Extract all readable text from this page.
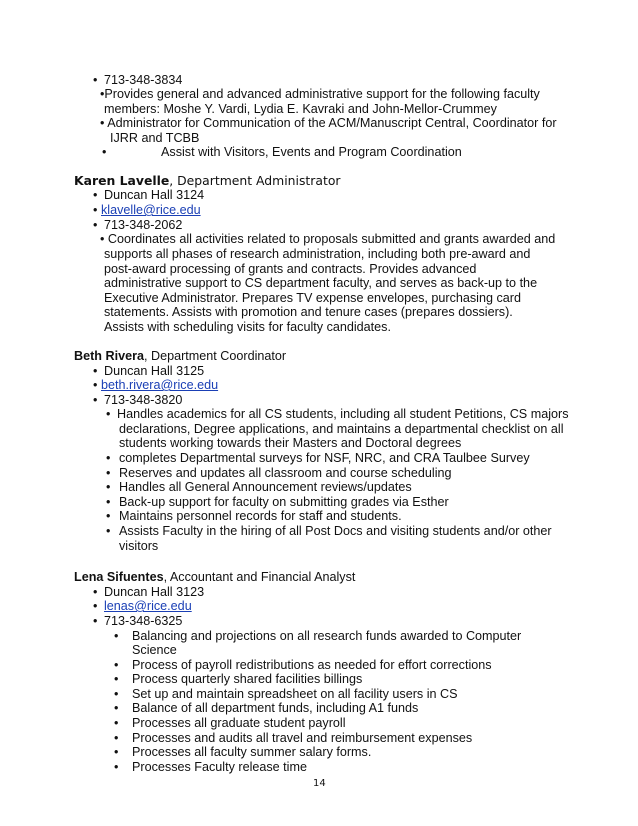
• 713-348-3834
•Provides general and advanced administrative support for the following faculty
members: Moshe Y. Vardi, Lydia E. Kavraki and John-Mellor-Crummey
• Administrator for Communication of the ACM/Manuscript Central, Coordinator for
IJRR and TCBB
•	Assist with Visitors, Events and Program Coordination
Karen Lavelle, Department Administrator
• Duncan Hall 3124
• klavelle@rice.edu
• 713-348-2062
• Coordinates all activities related to proposals submitted and grants awarded and
supports all phases of research administration, including both pre-award and
post-award processing of grants and contracts. Provides advanced
administrative support to CS department faculty, and serves as back-up to the
Executive Administrator. Prepares TV expense envelopes, purchasing card
statements. Assists with promotion and tenure cases (prepares dossiers).
Assists with scheduling visits for faculty candidates.
Beth Rivera, Department Coordinator
• Duncan Hall 3125
• beth.rivera@rice.edu
• 713-348-3820
• Handles academics for all CS students, including all student Petitions, CS majors
declarations, Degree applications, and maintains a departmental checklist on all
students working towards their Masters and Doctoral degrees
• completes Departmental surveys for NSF, NRC, and CRA Taulbee Survey
• Reserves and updates all classroom and course scheduling
• Handles all General Announcement reviews/updates
• Back-up support for faculty on submitting grades via Esther
• Maintains personnel records for staff and students.
• Assists Faculty in the hiring of all Post Docs and visiting students and/or other
visitors
Lena Sifuentes, Accountant and Financial Analyst
• Duncan Hall 3123
• lenas@rice.edu
• 713-348-6325
• Balancing and projections on all research funds awarded to Computer
Science
• Process of payroll redistributions as needed for effort corrections
• Process quarterly shared facilities billings
• Set up and maintain spreadsheet on all facility users in CS
• Balance of all department funds, including A1 funds
• Processes all graduate student payroll
• Processes and audits all travel and reimbursement expenses
• Processes all faculty summer salary forms.
• Processes Faculty release time
14
